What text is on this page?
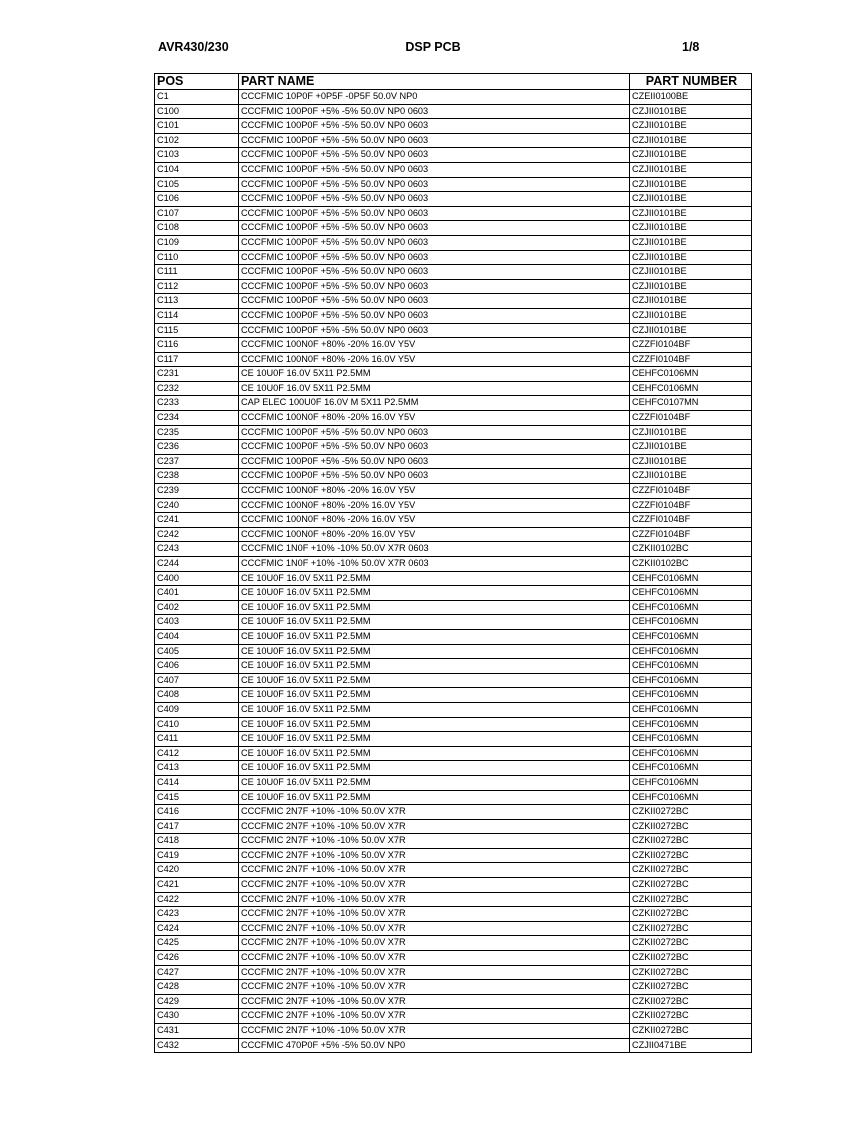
AVR430/230	DSP PCB	1/8
POS	PART NAME	PART NUMBER
C1	CCCFMIC 10P0F +0P5F -0P5F 50.0V NP0	CZEII0100BE
C100	CCCFMIC 100P0F +5% -5% 50.0V NP0 0603	CZJII0101BE
C101	CCCFMIC 100P0F +5% -5% 50.0V NP0 0603	CZJII0101BE
C102	CCCFMIC 100P0F +5% -5% 50.0V NP0 0603	CZJII0101BE
C103	CCCFMIC 100P0F +5% -5% 50.0V NP0 0603	CZJII0101BE
C104	CCCFMIC 100P0F +5% -5% 50.0V NP0 0603	CZJII0101BE
C105	CCCFMIC 100P0F +5% -5% 50.0V NP0 0603	CZJII0101BE
C106	CCCFMIC 100P0F +5% -5% 50.0V NP0 0603	CZJII0101BE
C107	CCCFMIC 100P0F +5% -5% 50.0V NP0 0603	CZJII0101BE
C108	CCCFMIC 100P0F +5% -5% 50.0V NP0 0603	CZJII0101BE
C109	CCCFMIC 100P0F +5% -5% 50.0V NP0 0603	CZJII0101BE
C110	CCCFMIC 100P0F +5% -5% 50.0V NP0 0603	CZJII0101BE
C111	CCCFMIC 100P0F +5% -5% 50.0V NP0 0603	CZJII0101BE
C112	CCCFMIC 100P0F +5% -5% 50.0V NP0 0603	CZJII0101BE
C113	CCCFMIC 100P0F +5% -5% 50.0V NP0 0603	CZJII0101BE
C114	CCCFMIC 100P0F +5% -5% 50.0V NP0 0603	CZJII0101BE
C115	CCCFMIC 100P0F +5% -5% 50.0V NP0 0603	CZJII0101BE
C116	CCCFMIC 100N0F +80% -20% 16.0V Y5V	CZZFI0104BF
C117	CCCFMIC 100N0F +80% -20% 16.0V Y5V	CZZFI0104BF
C231	CE 10U0F 16.0V 5X11 P2.5MM	CEHFC0106MN
C232	CE 10U0F 16.0V 5X11 P2.5MM	CEHFC0106MN
C233	CAP ELEC 100U0F 16.0V M 5X11 P2.5MM	CEHFC0107MN
C234	CCCFMIC 100N0F +80% -20% 16.0V Y5V	CZZFI0104BF
C235	CCCFMIC 100P0F +5% -5% 50.0V NP0 0603	CZJII0101BE
C236	CCCFMIC 100P0F +5% -5% 50.0V NP0 0603	CZJII0101BE
C237	CCCFMIC 100P0F +5% -5% 50.0V NP0 0603	CZJII0101BE
C238	CCCFMIC 100P0F +5% -5% 50.0V NP0 0603	CZJII0101BE
C239	CCCFMIC 100N0F +80% -20% 16.0V Y5V	CZZFI0104BF
C240	CCCFMIC 100N0F +80% -20% 16.0V Y5V	CZZFI0104BF
C241	CCCFMIC 100N0F +80% -20% 16.0V Y5V	CZZFI0104BF
C242	CCCFMIC 100N0F +80% -20% 16.0V Y5V	CZZFI0104BF
C243	CCCFMIC 1N0F +10% -10% 50.0V X7R 0603	CZKII0102BC
C244	CCCFMIC 1N0F +10% -10% 50.0V X7R 0603	CZKII0102BC
C400	CE 10U0F 16.0V 5X11 P2.5MM	CEHFC0106MN
C401	CE 10U0F 16.0V 5X11 P2.5MM	CEHFC0106MN
C402	CE 10U0F 16.0V 5X11 P2.5MM	CEHFC0106MN
C403	CE 10U0F 16.0V 5X11 P2.5MM	CEHFC0106MN
C404	CE 10U0F 16.0V 5X11 P2.5MM	CEHFC0106MN
C405	CE 10U0F 16.0V 5X11 P2.5MM	CEHFC0106MN
C406	CE 10U0F 16.0V 5X11 P2.5MM	CEHFC0106MN
C407	CE 10U0F 16.0V 5X11 P2.5MM	CEHFC0106MN
C408	CE 10U0F 16.0V 5X11 P2.5MM	CEHFC0106MN
C409	CE 10U0F 16.0V 5X11 P2.5MM	CEHFC0106MN
C410	CE 10U0F 16.0V 5X11 P2.5MM	CEHFC0106MN
C411	CE 10U0F 16.0V 5X11 P2.5MM	CEHFC0106MN
C412	CE 10U0F 16.0V 5X11 P2.5MM	CEHFC0106MN
C413	CE 10U0F 16.0V 5X11 P2.5MM	CEHFC0106MN
C414	CE 10U0F 16.0V 5X11 P2.5MM	CEHFC0106MN
C415	CE 10U0F 16.0V 5X11 P2.5MM	CEHFC0106MN
C416	CCCFMIC 2N7F +10% -10% 50.0V X7R	CZKII0272BC
C417	CCCFMIC 2N7F +10% -10% 50.0V X7R	CZKII0272BC
C418	CCCFMIC 2N7F +10% -10% 50.0V X7R	CZKII0272BC
C419	CCCFMIC 2N7F +10% -10% 50.0V X7R	CZKII0272BC
C420	CCCFMIC 2N7F +10% -10% 50.0V X7R	CZKII0272BC
C421	CCCFMIC 2N7F +10% -10% 50.0V X7R	CZKII0272BC
C422	CCCFMIC 2N7F +10% -10% 50.0V X7R	CZKII0272BC
C423	CCCFMIC 2N7F +10% -10% 50.0V X7R	CZKII0272BC
C424	CCCFMIC 2N7F +10% -10% 50.0V X7R	CZKII0272BC
C425	CCCFMIC 2N7F +10% -10% 50.0V X7R	CZKII0272BC
C426	CCCFMIC 2N7F +10% -10% 50.0V X7R	CZKII0272BC
C427	CCCFMIC 2N7F +10% -10% 50.0V X7R	CZKII0272BC
C428	CCCFMIC 2N7F +10% -10% 50.0V X7R	CZKII0272BC
C429	CCCFMIC 2N7F +10% -10% 50.0V X7R	CZKII0272BC
C430	CCCFMIC 2N7F +10% -10% 50.0V X7R	CZKII0272BC
C431	CCCFMIC 2N7F +10% -10% 50.0V X7R	CZKII0272BC
C432	CCCFMIC 470P0F +5% -5% 50.0V NP0	CZJII0471BE
